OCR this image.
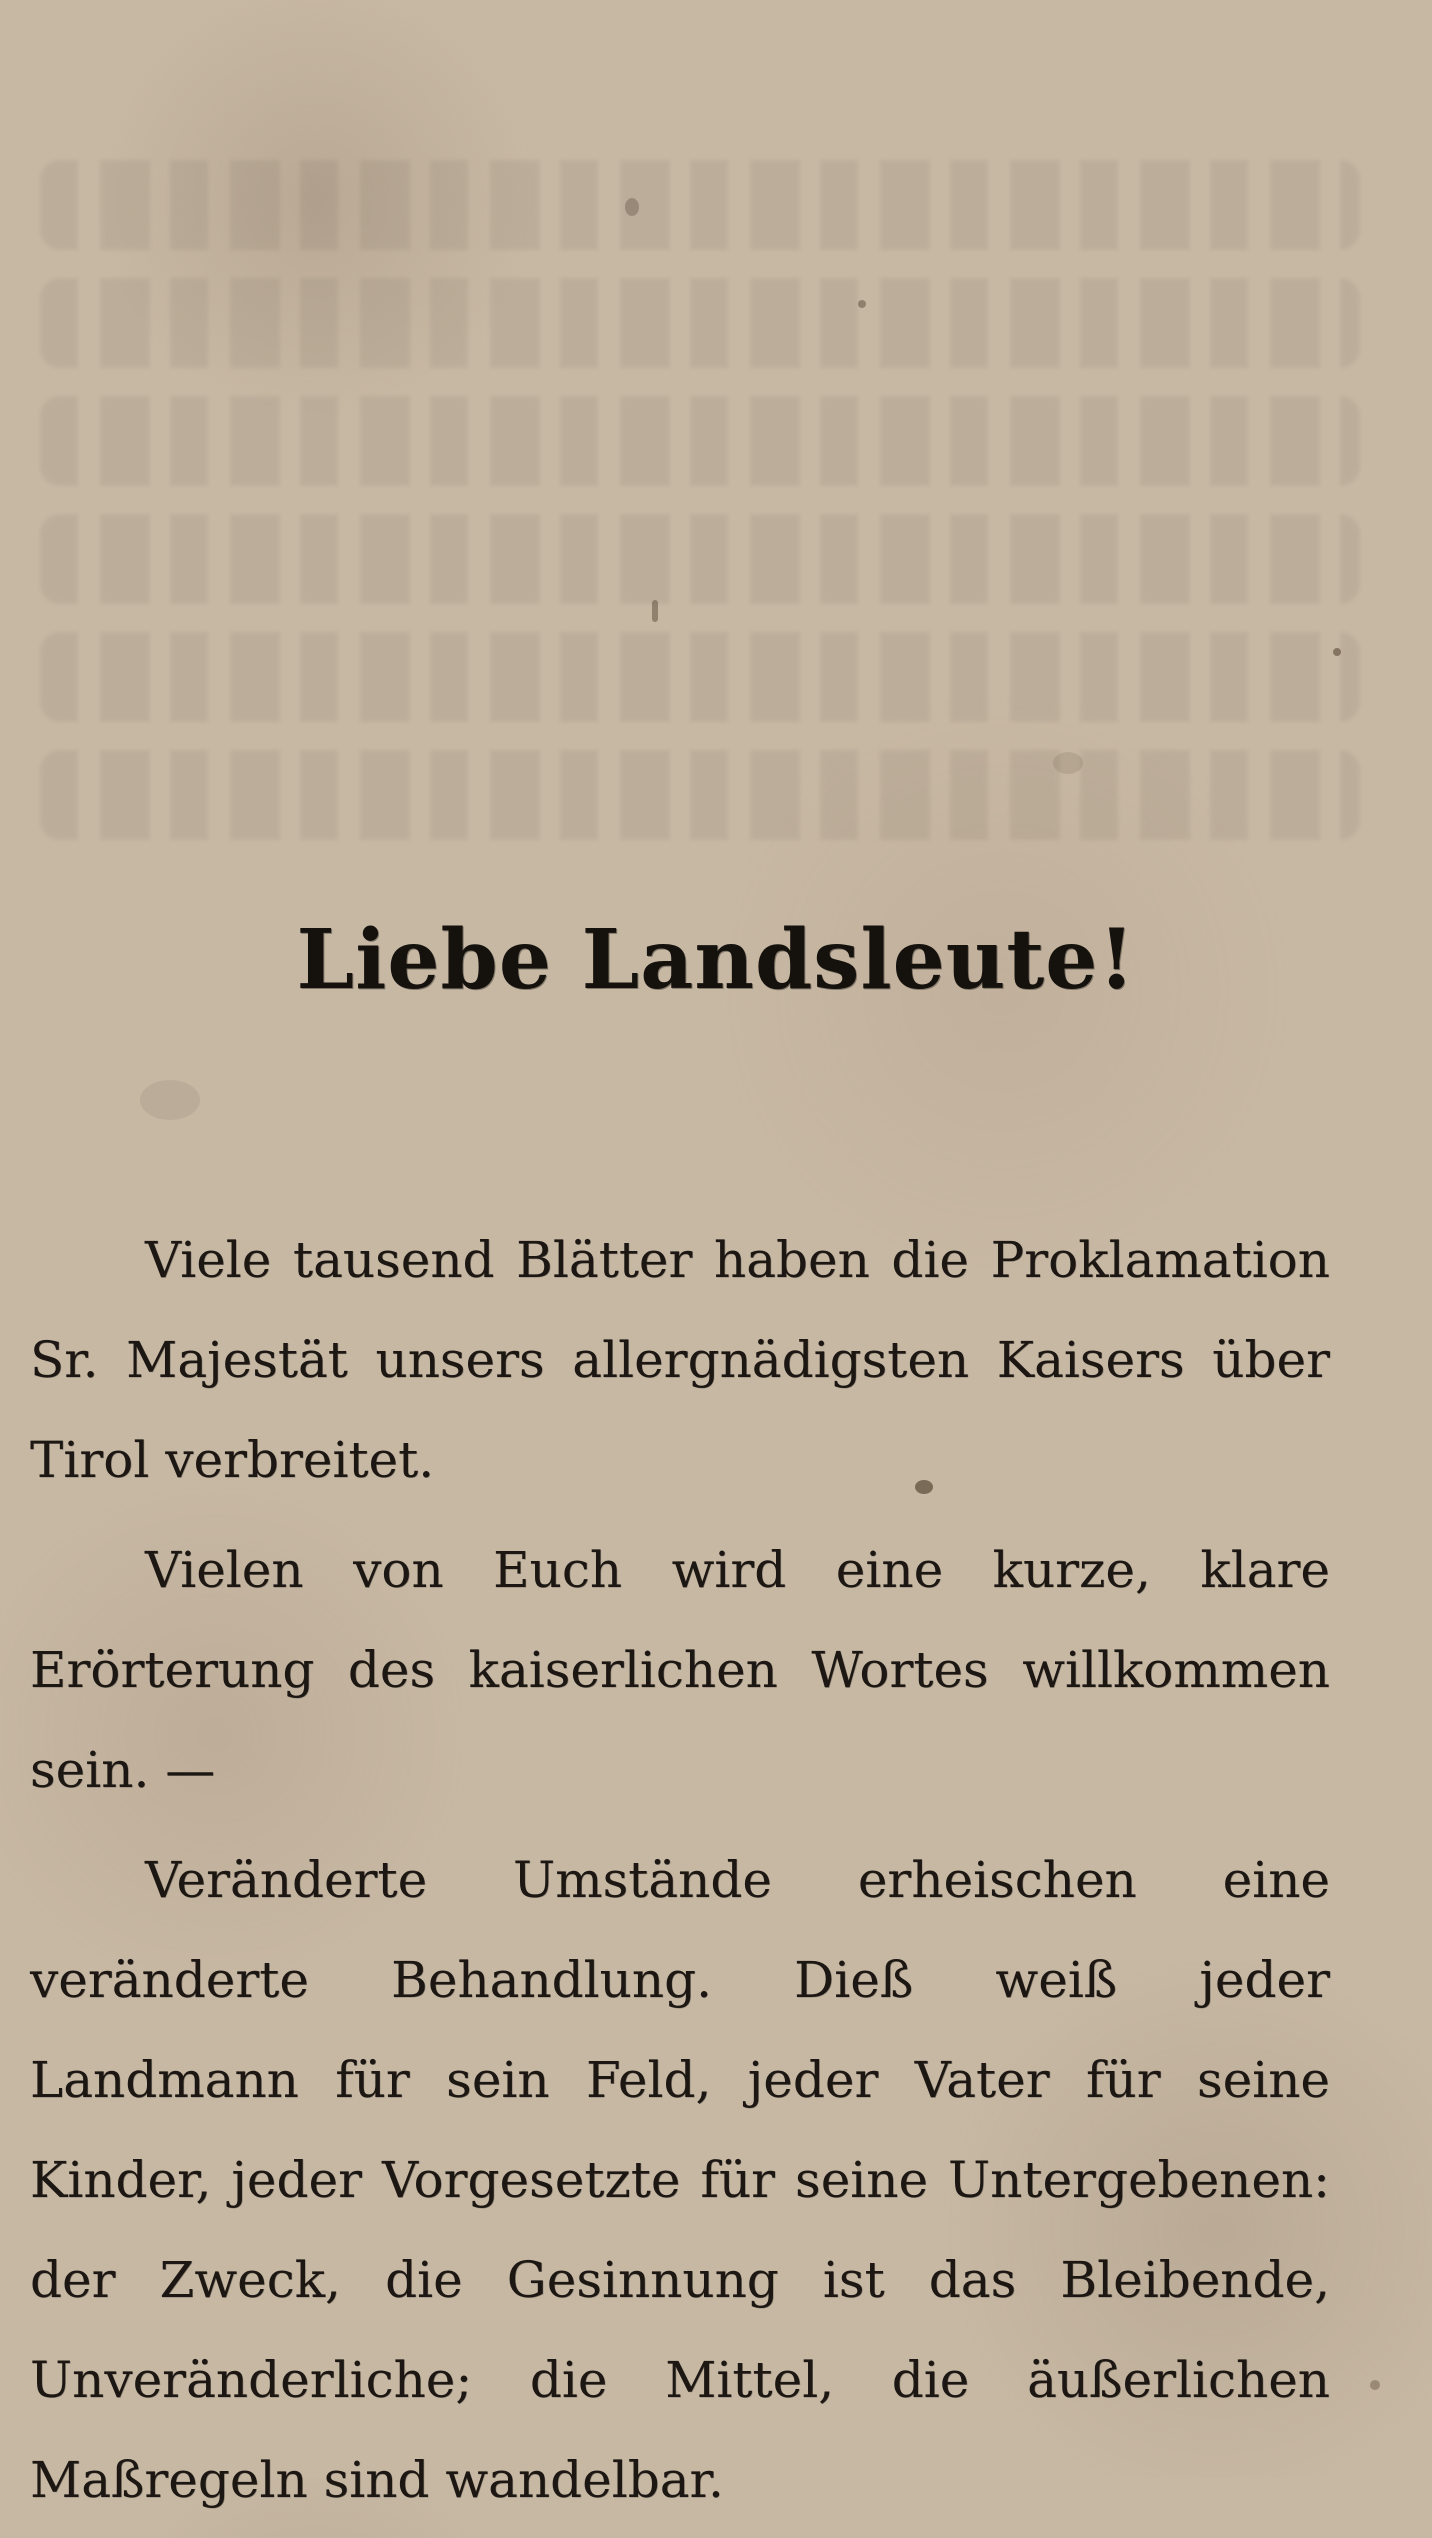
Liebe Landsleute!

Viele tausend Blätter haben die Proklamation Sr. Majestät unsers allergnädigsten Kaisers über Tirol verbreitet.

Vielen von Euch wird eine kurze, klare Erörterung des kaiserlichen Wortes willkommen sein. —

Veränderte Umstände erheischen eine veränderte Behandlung. Dieß weiß jeder Landmann für sein Feld, jeder Vater für seine Kinder, jeder Vorgesetzte für seine Untergebenen: der Zweck, die Gesinnung ist das Bleibende, Unveränderliche; die Mittel, die äußerlichen Maßregeln sind wandelbar.
